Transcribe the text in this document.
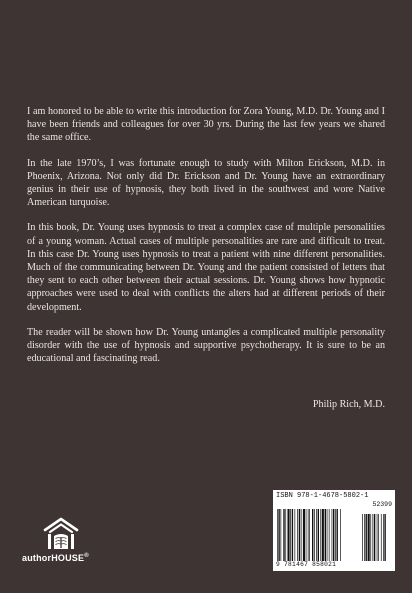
I am honored to be able to write this introduction for Zora Young, M.D. Dr. Young and I have been friends and colleagues for over 30 yrs. During the last few years we shared the same office.

In the late 1970’s, I was fortunate enough to study with Milton Erickson, M.D. in Phoenix, Arizona. Not only did Dr. Erickson and Dr. Young have an extraordinary genius in their use of hypnosis, they both lived in the southwest and wore Native American turquoise.

In this book, Dr. Young uses hypnosis to treat a complex case of multiple personalities of a young woman. Actual cases of multiple personalities are rare and difficult to treat. In this case Dr. Young uses hypnosis to treat a patient with nine different personalities. Much of the communicating between Dr. Young and the patient consisted of letters that they sent to each other between their actual sessions. Dr. Young shows how hypnotic approaches were used to deal with conflicts the alters had at different periods of their development.

The reader will be shown how Dr. Young untangles a complicated multiple personality disorder with the use of hypnosis and supportive psychotherapy. It is sure to be an educational and fascinating read.

Philip Rich, M.D.
authorHOUSE®
ISBN 978-1-4678-5802-1
52399
9 781467 858021
